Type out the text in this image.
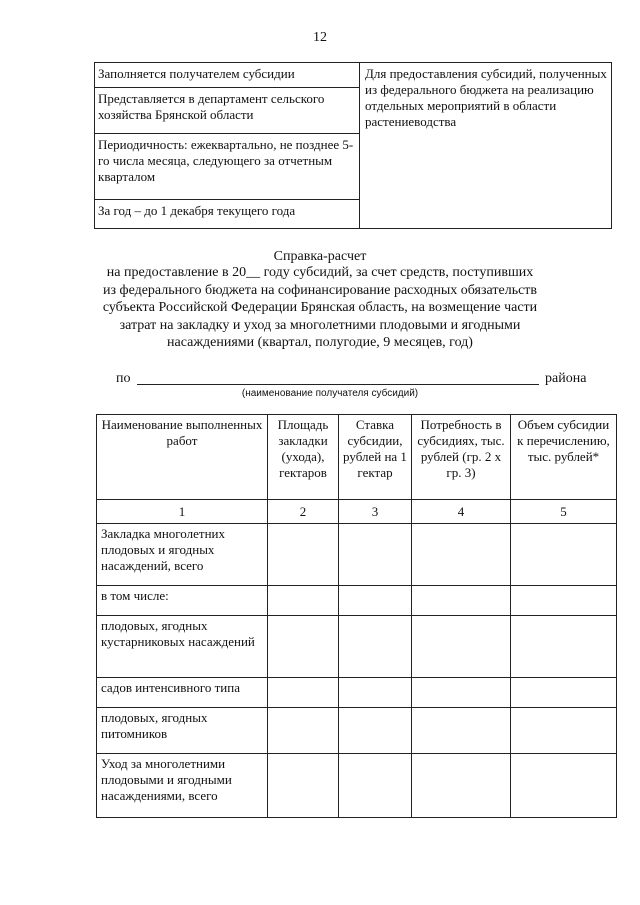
12
Заполняется получателем субсидии	Для предоставления субсидий, полученных из федерального бюджета на реализацию отдельных мероприятий в области растениеводства
Представляется в департамент сельского хозяйства Брянской области
Периодичность: ежеквартально, не позднее 5-го числа месяца, следующего за отчетным кварталом
За год – до 1 декабря текущего года
Справка-расчет
на предоставление в 20__ году субсидий, за счет средств, поступивших из федерального бюджета на софинансирование расходных обязательств субъекта Российской Федерации Брянская область, на возмещение части затрат на закладку и уход за многолетними плодовыми и ягодными насаждениями (квартал, полугодие, 9 месяцев, год)
по	района
(наименование получателя субсидий)
Наименование выполненных работ	Площадь закладки (ухода), гектаров	Ставка субсидии, рублей на 1 гектар	Потребность в субсидиях, тыс. рублей (гр. 2 х гр. 3)	Объем субсидии к перечислению, тыс. рублей*
1	2	3	4	5
Закладка многолетних плодовых и ягодных насаждений, всего				
в том числе:				
плодовых, ягодных кустарниковых насаждений				
садов интенсивного типа				
плодовых, ягодных питомников				
Уход за многолетними плодовыми и ягодными насаждениями, всего				
